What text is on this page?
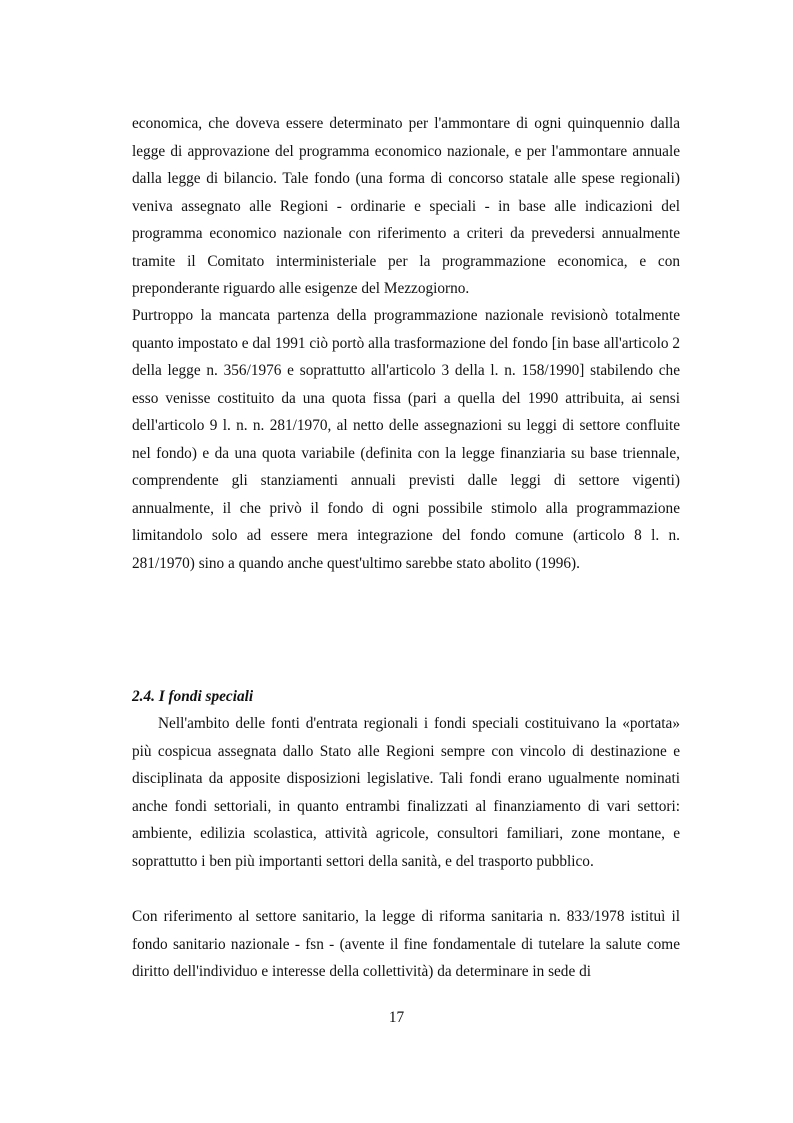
economica, che doveva essere determinato per l'ammontare di ogni quinquennio dalla legge di approvazione del programma economico nazionale, e per l'ammontare annuale dalla legge di bilancio. Tale fondo (una forma di concorso statale alle spese regionali) veniva assegnato alle Regioni - ordinarie e speciali - in base alle indicazioni del programma economico nazionale con riferimento a criteri da prevedersi annualmente tramite il Comitato interministeriale per la programmazione economica, e con preponderante riguardo alle esigenze del Mezzogiorno.

Purtroppo la mancata partenza della programmazione nazionale revisionò totalmente quanto impostato e dal 1991 ciò portò alla trasformazione del fondo [in base all'articolo 2 della legge n. 356/1976 e soprattutto all'articolo 3 della l. n. 158/1990] stabilendo che esso venisse costituito da una quota fissa (pari a quella del 1990 attribuita, ai sensi dell'articolo 9 l. n. n. 281/1970, al netto delle assegnazioni su leggi di settore confluite nel fondo) e da una quota variabile (definita con la legge finanziaria su base triennale, comprendente gli stanziamenti annuali previsti dalle leggi di settore vigenti) annualmente, il che privò il fondo di ogni possibile stimolo alla programmazione limitandolo solo ad essere mera integrazione del fondo comune (articolo 8 l. n. 281/1970) sino a quando anche quest'ultimo sarebbe stato abolito (1996).

2.4. I fondi speciali

Nell'ambito delle fonti d'entrata regionali i fondi speciali costituivano la «portata» più cospicua assegnata dallo Stato alle Regioni sempre con vincolo di destinazione e disciplinata da apposite disposizioni legislative. Tali fondi erano ugualmente nominati anche fondi settoriali, in quanto entrambi finalizzati al finanziamento di vari settori: ambiente, edilizia scolastica, attività agricole, consultori familiari, zone montane, e soprattutto i ben più importanti settori della sanità, e del trasporto pubblico.

Con riferimento al settore sanitario, la legge di riforma sanitaria n. 833/1978 istituì il fondo sanitario nazionale - fsn - (avente il fine fondamentale di tutelare la salute come diritto dell'individuo e interesse della collettività) da determinare in sede di

17
